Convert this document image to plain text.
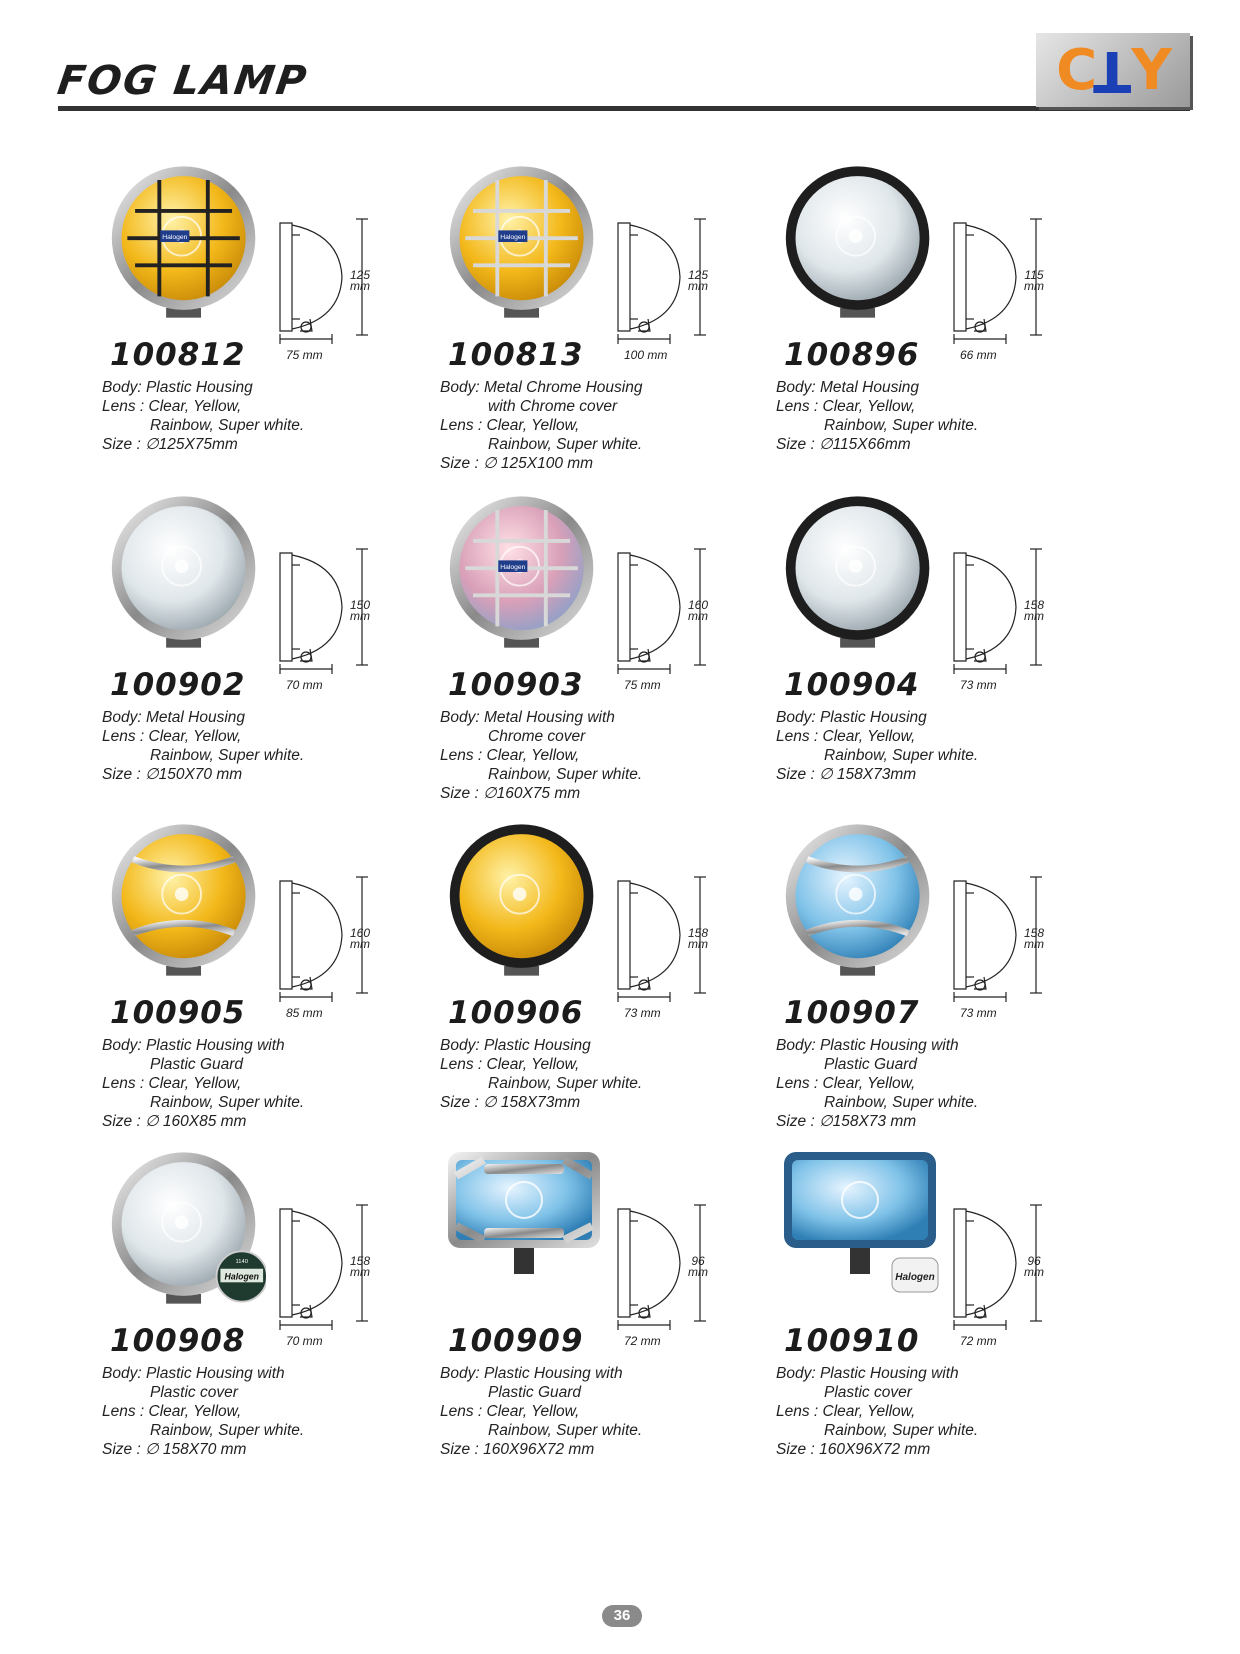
FOG LAMP	C T Y
Halogen
125
mm
75 mm
100812
Body:
Plastic Housing
Lens :
Clear, Yellow,
Rainbow, Super white.
Size :
∅125X75mm
Halogen
125
mm
100 mm
100813
Body:
Metal Chrome Housing
with Chrome cover
Lens :
Clear, Yellow,
Rainbow, Super white.
Size :
∅ 125X100 mm
115
mm
66 mm
100896
Body:
Metal Housing
Lens :
Clear, Yellow,
Rainbow, Super white.
Size :
∅115X66mm
150
mm
70 mm
100902
Body:
Metal Housing
Lens :
Clear, Yellow,
Rainbow, Super white.
Size :
∅150X70 mm
Halogen
160
mm
75 mm
100903
Body:
Metal Housing with
Chrome cover
Lens :
Clear, Yellow,
Rainbow, Super white.
Size :
∅160X75 mm
158
mm
73 mm
100904
Body:
Plastic Housing
Lens :
Clear, Yellow,
Rainbow, Super white.
Size :
∅ 158X73mm
160
mm
85 mm
100905
Body:
Plastic Housing with
Plastic Guard
Lens :
Clear, Yellow,
Rainbow, Super white.
Size :
∅ 160X85 mm
158
mm
73 mm
100906
Body:
Plastic Housing
Lens :
Clear, Yellow,
Rainbow, Super white.
Size :
∅ 158X73mm
158
mm
73 mm
100907
Body:
Plastic Housing with
Plastic Guard
Lens :
Clear, Yellow,
Rainbow, Super white.
Size :
∅158X73 mm
Halogen
1140	158
mm
70 mm
100908
Body:
Plastic Housing with
Plastic cover
Lens :
Clear, Yellow,
Rainbow, Super white.
Size :
∅ 158X70 mm
96
mm
72 mm
100909
Body:
Plastic Housing with
Plastic Guard
Lens :
Clear, Yellow,
Rainbow, Super white.
Size :
160X96X72 mm
Halogen
96
mm
72 mm
100910
Body:
Plastic Housing with
Plastic cover
Lens :
Clear, Yellow,
Rainbow, Super white.
Size :
160X96X72 mm
36
